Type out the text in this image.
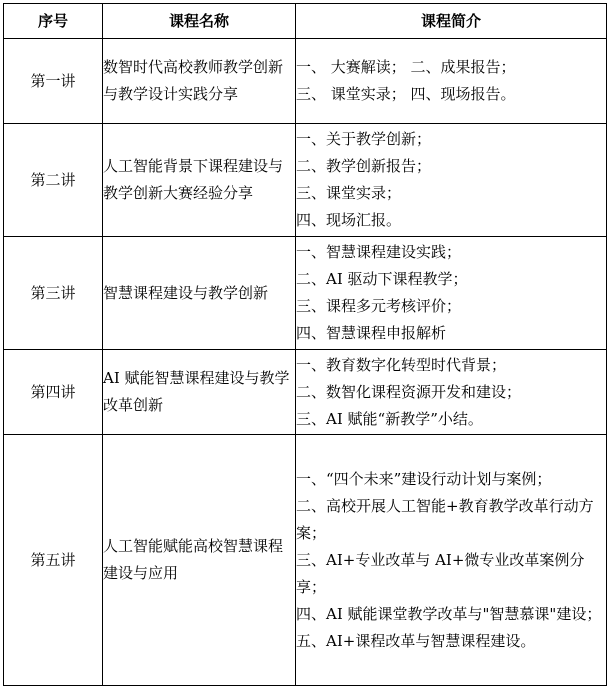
序号	课程名称	课程简介
第一讲	数智时代高校教师教学创新与教学设计实践分享	一、 大赛解读； 二、成果报告；
三、 课堂实录； 四、现场报告。

第二讲	人工智能背景下课程建设与教学创新大赛经验分享	一、关于教学创新；
二、教学创新报告；
三、课堂实录；
四、现场汇报。

第三讲	智慧课程建设与教学创新	一、智慧课程建设实践；
二、AI 驱动下课程教学；
三、课程多元考核评价；
四、智慧课程申报解析

第四讲	AI 赋能智慧课程建设与教学改革创新	一、教育数字化转型时代背景；
二、数智化课程资源开发和建设；
三、AI 赋能“新教学”小结。

第五讲	人工智能赋能高校智慧课程建设与应用	一、“四个未来”建设行动计划与案例；
二、高校开展人工智能+教育教学改革行动方案；
三、AI+专业改革与 AI+微专业改革案例分享；
四、AI 赋能课堂教学改革与"智慧慕课"建设；
五、AI+课程改革与智慧课程建设。
